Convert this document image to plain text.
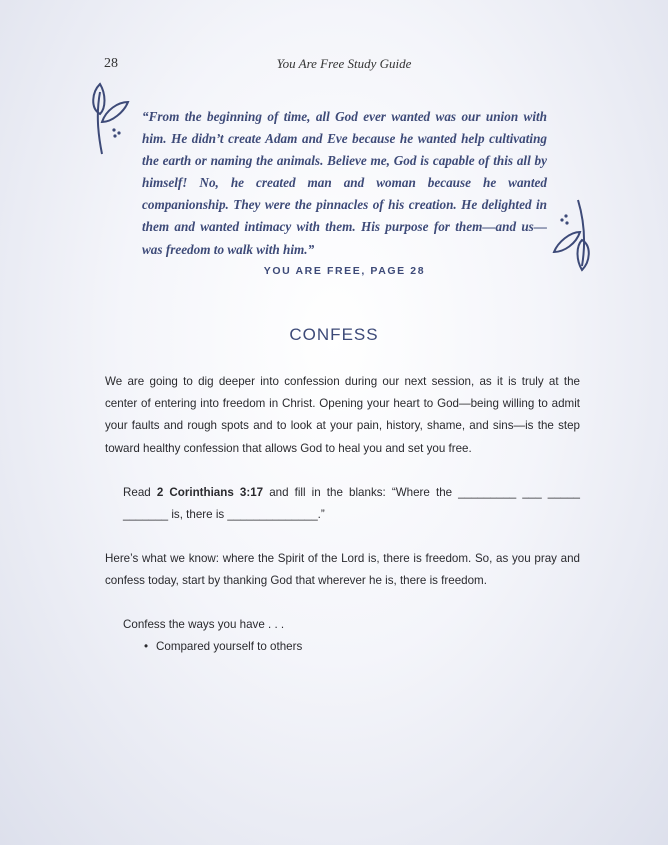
28	You Are Free Study Guide

“From the beginning of time, all God ever wanted was our union with him. He didn’t create Adam and Eve because he wanted help cultivating the earth or naming the animals. Believe me, God is capable of this all by himself! No, he created man and woman because he wanted companionship. They were the pinnacles of his creation. He delighted in them and wanted intimacy with them. His purpose for them—and us—was freedom to walk with him.”

YOU ARE FREE, PAGE 28
CONFESS

We are going to dig deeper into confession during our next session, as it is truly at the center of entering into freedom in Christ. Opening your heart to God—being willing to admit your faults and rough spots and to look at your pain, history, shame, and sins—is the step toward healthy confession that allows God to heal you and set you free.

Read 2 Corinthians 3:17 and fill in the blanks: “Where the _________ ___ _____ _______ is, there is ______________.”

Here’s what we know: where the Spirit of the Lord is, there is freedom. So, as you pray and confess today, start by thanking God that wherever he is, there is freedom.

Confess the ways you have . . .

• Compared yourself to others
